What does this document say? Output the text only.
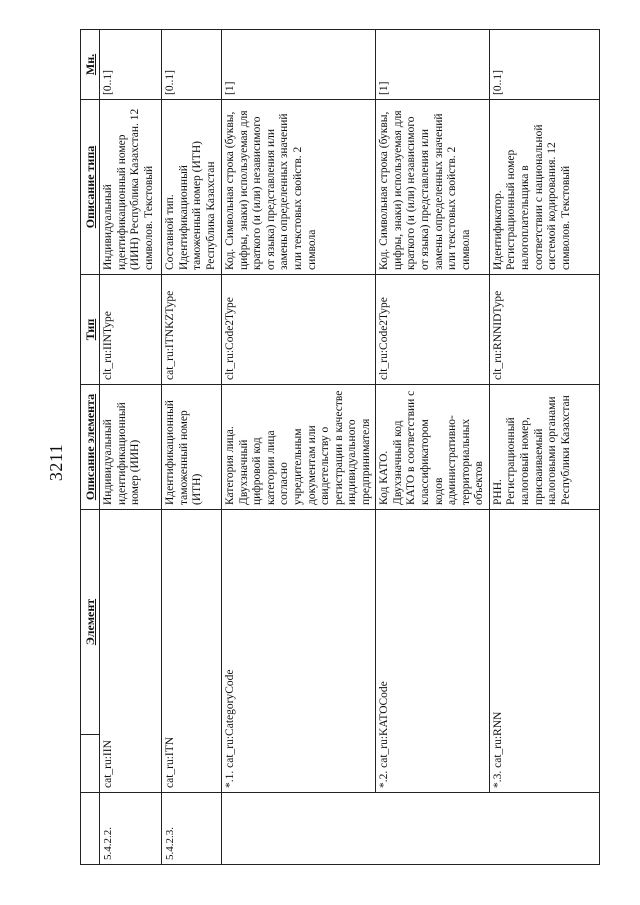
3211
		Элемент	Описание элемента	Тип	Описание типа	Мн.
5.4.2.2.	cat_ru:IIN		Индивидуальный идентификационный номер (ИИН)	clt_ru:IINType	Индивидуальный идентификационный номер (ИИН) Республика Казахстан. 12 символов. Текстовый	[0..1]
5.4.2.3.	cat_ru:ITN		Идентификационный таможенный номер (ИТН)	cat_ru:ITNKZType	Составной тип. Идентификационный таможенный номер (ИТН) Республика Казахстан	[0..1]
	*.1. cat_ru:CategoryCode		Категория лица. Двухзначный цифровой код категории лица согласно учредительным документам или свидетельству о регистрации в качестве индивидуального предпринимателя	clt_ru:Code2Type	Код. Символьная строка (буквы, цифры, знаки) используемая для краткого (и (или) независимого от языка) представления или замены определенных значений или текстовых свойств. 2 символа	[1]
	*.2. cat_ru:KATOCode		Код КАТО. Двухзначный код КАТО в соответствии с классификатором кодов административно-территориальных объектов	clt_ru:Code2Type	Код. Символьная строка (буквы, цифры, знаки) используемая для краткого (и (или) независимого от языка) представления или замены определенных значений или текстовых свойств. 2 символа	[1]
	*.3. cat_ru:RNN		РНН. Регистрационный налоговый номер, присваиваемый налоговыми органами Республики Казахстан	clt_ru:RNNIDType	Идентификатор. Регистрационный номер налогоплательщика в соответствии с национальной системой кодирования. 12 символов. Текстовый	[0..1]
